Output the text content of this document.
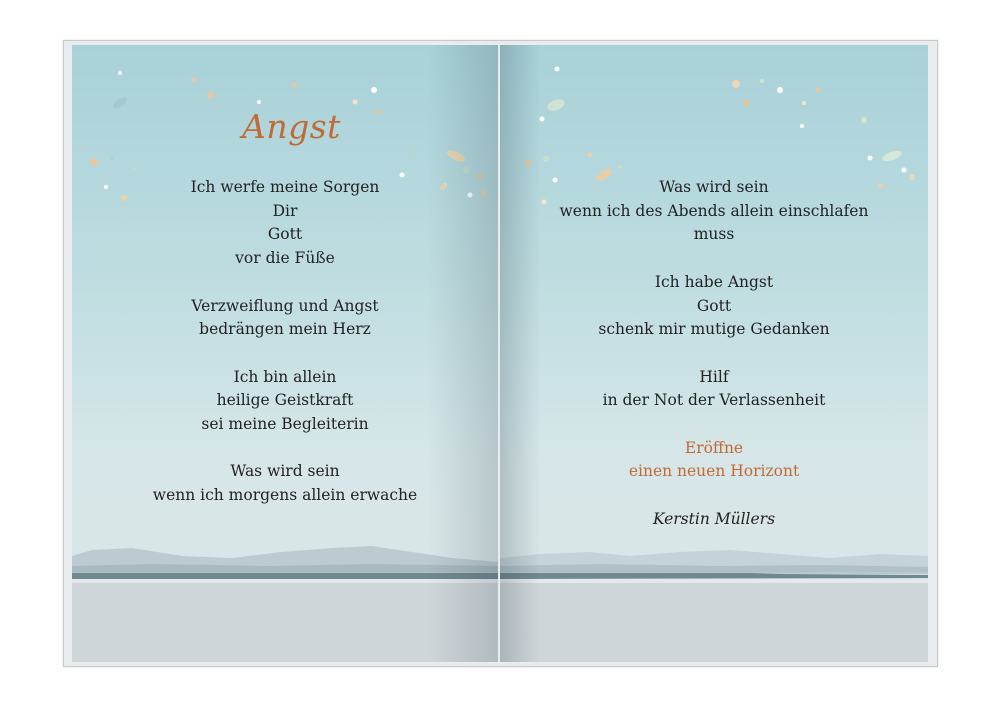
Angst

Ich werfe meine Sorgen
Dir
Gott
vor die Füße

Verzweiflung und Angst
bedrängen mein Herz

Ich bin allein
heilige Geistkraft
sei meine Begleiterin

Was wird sein
wenn ich morgens allein erwache

Was wird sein
wenn ich des Abends allein einschlafen
muss

Ich habe Angst
Gott
schenk mir mutige Gedanken

Hilf
in der Not der Verlassenheit

Eröffne
einen neuen Horizont

Kerstin Müllers
